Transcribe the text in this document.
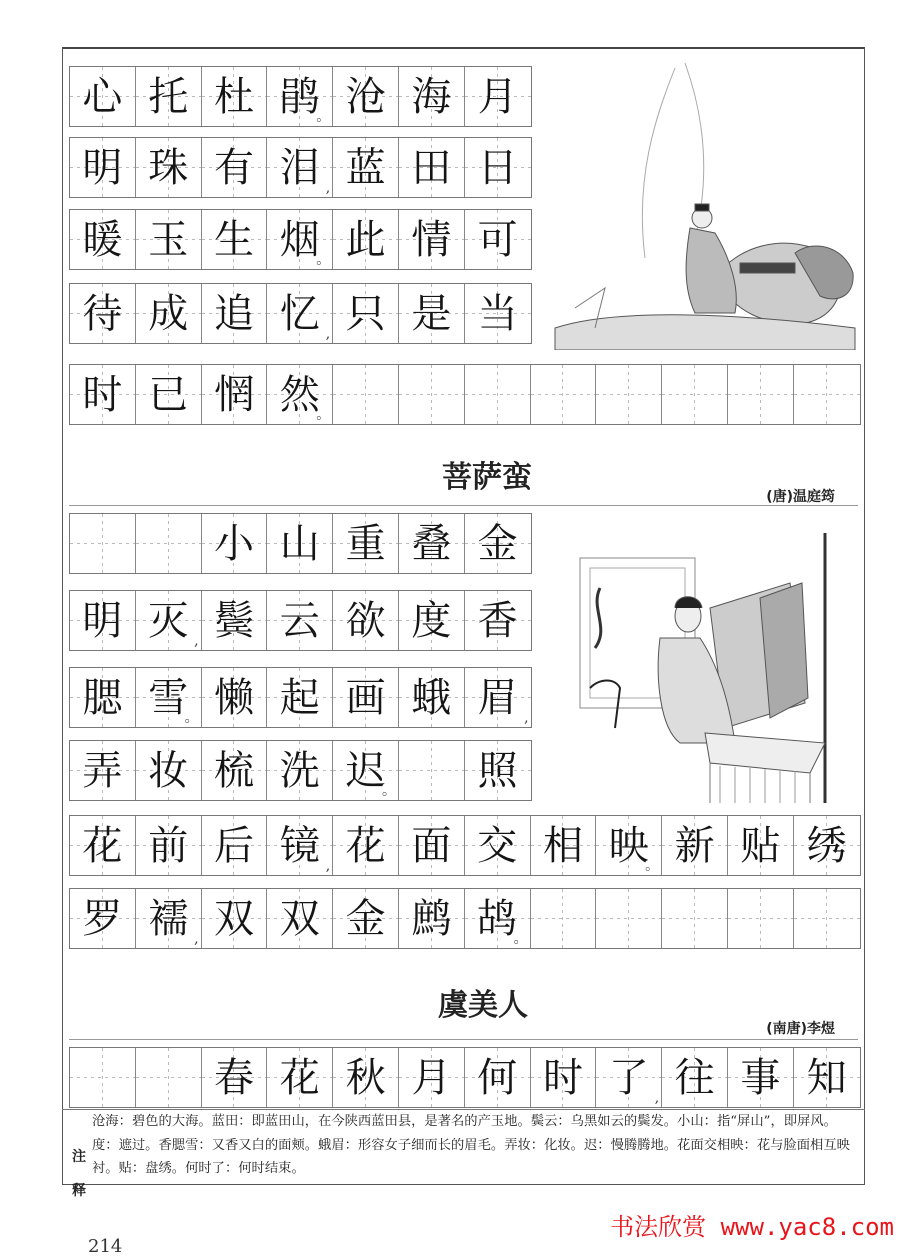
心 托 杜 鹃
。 沧 海 月
明 珠 有 泪 , 蓝 田 日
暖 玉 生 烟
。 此 情 可
待 成 追 忆 , 只 是 当
时 已 惘 然
。
小 山 重 叠 金
明 灭 , 鬓 云 欲 度 香
腮 雪
。 懒 起 画 蛾 眉 ,
弄 妆 梳 洗 迟
。	照
花 前 后 镜 , 花 面 交 相 映
。 新 贴 绣
罗 襦 , 双 双 金 鹧 鸪
。
春 花 秋 月 何 时 了 , 往 事 知
菩萨蛮
(唐)温庭筠
虞美人
(南唐)李煜
注释
沧海：碧色的大海。蓝田：即蓝田山，在今陕西蓝田县，是著名的产玉地。鬓云：乌黑如云的鬓发。小山：指“屏山”，即屏风。度：遮过。香腮雪：又香又白的面颊。蛾眉：形容女子细而长的眉毛。弄妆：化妆。迟：慢腾腾地。花面交相映：花与脸面相互映衬。贴：盘绣。何时了：何时结束。
书法欣赏 www.yac8.com
214
